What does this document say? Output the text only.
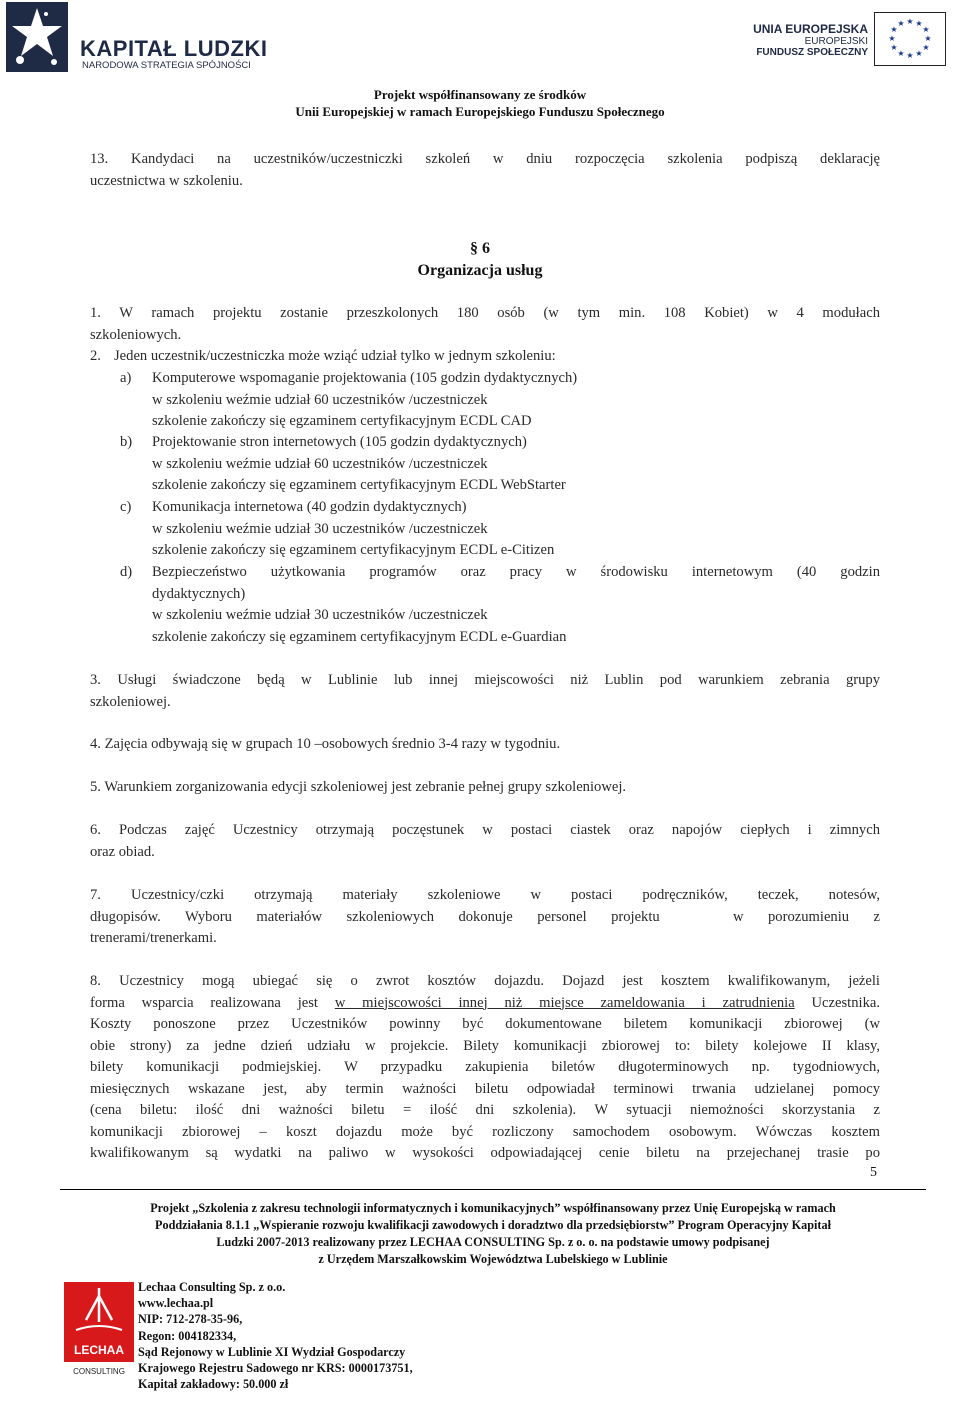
KAPITAŁ LUDZKI
NARODOWA STRATEGIA SPÓJNOŚCI
UNIA EUROPEJSKA
EUROPEJSKI
FUNDUSZ SPOŁECZNY
★ ★
★
★
★
★
★
★
★
★
★
★
Projekt współfinansowany ze środków
Unii Europejskiej w ramach Europejskiego Funduszu Społecznego
13. Kandydaci na uczestników/uczestniczki szkoleń w dniu rozpoczęcia szkolenia podpiszą deklarację
uczestnictwa w szkoleniu.
§ 6
Organizacja usług
1. W ramach projektu zostanie przeszkolonych 180 osób (w tym min. 108 Kobiet) w 4 modułach
szkoleniowych.
2. Jeden uczestnik/uczestniczka może wziąć udział tylko w jednym szkoleniu:
a) Komputerowe wspomaganie projektowania (105 godzin dydaktycznych)
w szkoleniu weźmie udział 60 uczestników /uczestniczek
szkolenie zakończy się egzaminem certyfikacyjnym ECDL CAD
b) Projektowanie stron internetowych (105 godzin dydaktycznych)
w szkoleniu weźmie udział 60 uczestników /uczestniczek
szkolenie zakończy się egzaminem certyfikacyjnym ECDL WebStarter
c) Komunikacja internetowa (40 godzin dydaktycznych)
w szkoleniu weźmie udział 30 uczestników /uczestniczek
szkolenie zakończy się egzaminem certyfikacyjnym ECDL e-Citizen
d) Bezpieczeństwo użytkowania programów oraz pracy w środowisku internetowym (40 godzin
dydaktycznych)
w szkoleniu weźmie udział 30 uczestników /uczestniczek
szkolenie zakończy się egzaminem certyfikacyjnym ECDL e-Guardian
3. Usługi świadczone będą w Lublinie lub innej miejscowości niż Lublin pod warunkiem zebrania grupy
szkoleniowej.
4. Zajęcia odbywają się w grupach 10 –osobowych średnio 3-4 razy w tygodniu.
5. Warunkiem zorganizowania edycji szkoleniowej jest zebranie pełnej grupy szkoleniowej.
6. Podczas zajęć Uczestnicy otrzymają poczęstunek w postaci ciastek oraz napojów ciepłych i zimnych
oraz obiad.
7. Uczestnicy/czki otrzymają materiały szkoleniowe w postaci podręczników, teczek, notesów,
długopisów. Wyboru materiałów szkoleniowych dokonuje personel projektu   w porozumieniu z
trenerami/trenerkami.
8. Uczestnicy mogą ubiegać się o zwrot kosztów dojazdu. Dojazd jest kosztem kwalifikowanym, jeżeli
forma wsparcia realizowana jest w miejscowości innej niż miejsce zameldowania i zatrudnienia Uczestnika.
Koszty ponoszone przez Uczestników powinny być dokumentowane biletem komunikacji zbiorowej (w
obie strony) za jedne dzień udziału w projekcie. Bilety komunikacji zbiorowej to: bilety kolejowe II klasy,
bilety komunikacji podmiejskiej. W przypadku zakupienia biletów długoterminowych np. tygodniowych,
miesięcznych wskazane jest, aby termin ważności biletu odpowiadał terminowi trwania udzielanej pomocy
(cena biletu: ilość dni ważności biletu = ilość dni szkolenia). W sytuacji niemożności skorzystania z
komunikacji zbiorowej – koszt dojazdu może być rozliczony samochodem osobowym. Wówczas kosztem
kwalifikowanym są wydatki na paliwo w wysokości odpowiadającej cenie biletu na przejechanej trasie po
5
Projekt „Szkolenia z zakresu technologii informatycznych i komunikacyjnych” współfinansowany przez Unię Europejską w ramach
Poddziałania 8.1.1 „Wspieranie rozwoju kwalifikacji zawodowych i doradztwo dla przedsiębiorstw” Program Operacyjny Kapitał
Ludzki 2007-2013 realizowany przez LECHAA CONSULTING Sp. z o. o. na podstawie umowy podpisanej
z Urzędem Marszałkowskim Województwa Lubelskiego w Lublinie
LECHAA
CONSULTING
Lechaa Consulting Sp. z o.o.
www.lechaa.pl
NIP: 712-278-35-96,
Regon: 004182334,
Sąd Rejonowy w Lublinie XI Wydział Gospodarczy
Krajowego Rejestru Sadowego nr KRS: 0000173751,
Kapitał zakładowy: 50.000 zł
